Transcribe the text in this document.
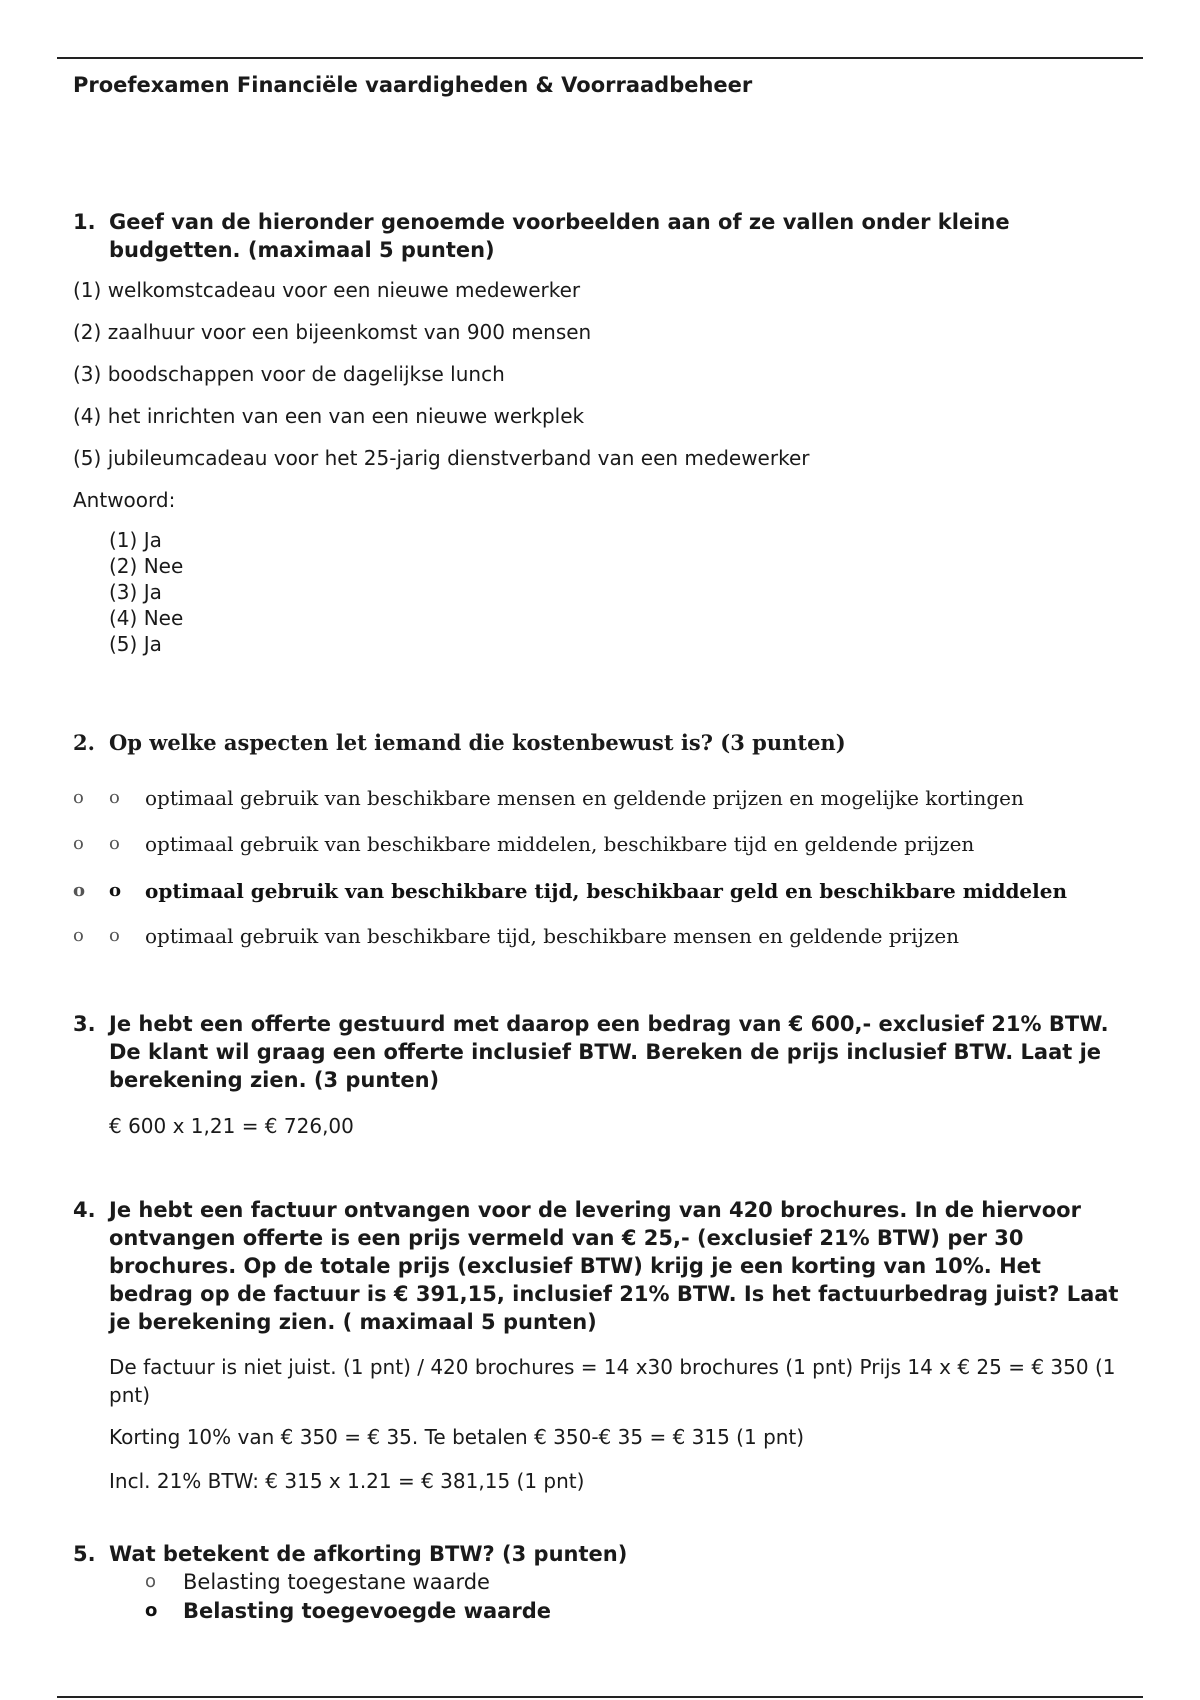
Proefexamen Financiële vaardigheden & Voorraadbeheer
1. Geef van de hieronder genoemde voorbeelden aan of ze vallen onder kleine budgetten. (maximaal 5 punten)

(1) welkomstcadeau voor een nieuwe medewerker

(2) zaalhuur voor een bijeenkomst van 900 mensen

(3) boodschappen voor de dagelijkse lunch

(4) het inrichten van een van een nieuwe werkplek

(5) jubileumcadeau voor het 25-jarig dienstverband van een medewerker

Antwoord:

(1) Ja

(2) Nee

(3) Ja

(4) Nee

(5) Ja

2. Op welke aspecten let iemand die kostenbewust is? (3 punten)
o	o	optimaal gebruik van beschikbare mensen en geldende prijzen en mogelijke kortingen
o	o	optimaal gebruik van beschikbare middelen, beschikbare tijd en geldende prijzen
o	o	optimaal gebruik van beschikbare tijd, beschikbaar geld en beschikbare middelen
o	o	optimaal gebruik van beschikbare tijd, beschikbare mensen en geldende prijzen
3. Je hebt een offerte gestuurd met daarop een bedrag van € 600,- exclusief 21% BTW. De klant wil graag een offerte inclusief BTW. Bereken de prijs inclusief BTW. Laat je berekening zien. (3 punten)

€ 600 x 1,21 = € 726,00

4. Je hebt een factuur ontvangen voor de levering van 420 brochures. In de hiervoor ontvangen offerte is een prijs vermeld van € 25,- (exclusief 21% BTW) per 30 brochures. Op de totale prijs (exclusief BTW) krijg je een korting van 10%. Het bedrag op de factuur is € 391,15, inclusief 21% BTW. Is het factuurbedrag juist? Laat je berekening zien. ( maximaal 5 punten)

De factuur is niet juist. (1 pnt) / 420 brochures = 14 x30 brochures (1 pnt) Prijs 14 x € 25 = € 350 (1 pnt)

Korting 10% van € 350 = € 35. Te betalen € 350-€ 35 = € 315 (1 pnt)

Incl. 21% BTW: € 315 x 1.21 = € 381,15 (1 pnt)

5. Wat betekent de afkorting BTW? (3 punten)
o	Belasting toegestane waarde
o	Belasting toegevoegde waarde
